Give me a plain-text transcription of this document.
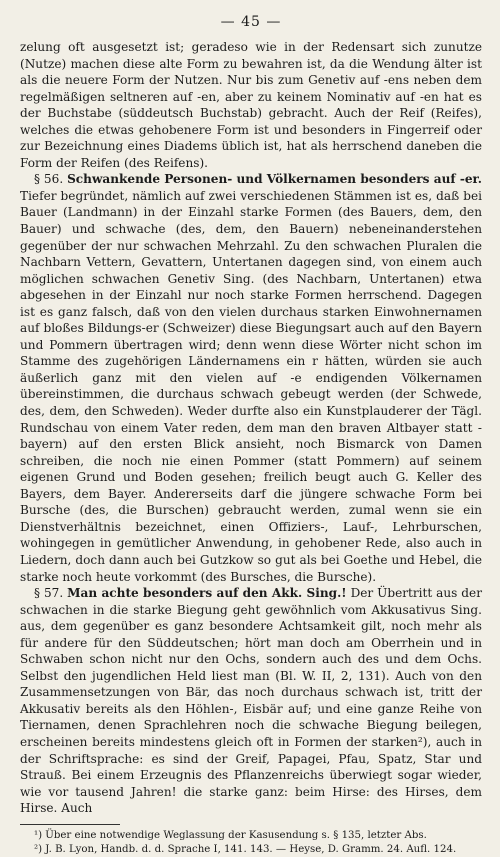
— 45 —

zelung oft ausgesetzt ist; geradeso wie in der Redensart sich zunutze (Nutze) machen diese alte Form zu bewahren ist, da die Wendung älter ist als die neuere Form der Nutzen. Nur bis zum Genetiv auf -ens neben dem regelmäßigen seltneren auf -en, aber zu keinem Nominativ auf -en hat es der Buchstabe (süddeutsch Buchstab) gebracht. Auch der Reif (Reifes), welches die etwas gehobenere Form ist und besonders in Fingerreif oder zur Bezeichnung eines Diadems üblich ist, hat als herrschend daneben die Form der Reifen (des Reifens).

§ 56. Schwankende Personen- und Völkernamen besonders auf -er. Tiefer begründet, nämlich auf zwei verschiedenen Stämmen ist es, daß bei Bauer (Landmann) in der Einzahl starke Formen (des Bauers, dem, den Bauer) und schwache (des, dem, den Bauern) nebeneinanderstehen gegenüber der nur schwachen Mehrzahl. Zu den schwachen Pluralen die Nachbarn Vettern, Gevattern, Untertanen dagegen sind, von einem auch möglichen schwachen Genetiv Sing. (des Nachbarn, Untertanen) etwa abgesehen in der Einzahl nur noch starke Formen herrschend. Dagegen ist es ganz falsch, daß von den vielen durchaus starken Einwohnernamen auf bloßes Bildungs-er (Schweizer) diese Biegungsart auch auf den Bayern und Pommern übertragen wird; denn wenn diese Wörter nicht schon im Stamme des zugehörigen Ländernamens ein r hätten, würden sie auch äußerlich ganz mit den vielen auf -e endigenden Völkernamen übereinstimmen, die durchaus schwach gebeugt werden (der Schwede, des, dem, den Schweden). Weder durfte also ein Kunstplauderer der Tägl. Rundschau von einem Vater reden, dem man den braven Altbayer statt -bayern) auf den ersten Blick ansieht, noch Bismarck von Damen schreiben, die noch nie einen Pommer (statt Pommern) auf seinem eigenen Grund und Boden gesehen; freilich beugt auch G. Keller des Bayers, dem Bayer. Andererseits darf die jüngere schwache Form bei Bursche (des, die Burschen) gebraucht werden, zumal wenn sie ein Dienstverhältnis bezeichnet, einen Offiziers-, Lauf-, Lehrburschen, wohingegen in gemütlicher Anwendung, in gehobener Rede, also auch in Liedern, doch dann auch bei Gutzkow so gut als bei Goethe und Hebel, die starke noch heute vorkommt (des Bursches, die Bursche).

§ 57. Man achte besonders auf den Akk. Sing.! Der Übertritt aus der schwachen in die starke Biegung geht gewöhnlich vom Akkusativus Sing. aus, dem gegenüber es ganz besondere Achtsamkeit gilt, noch mehr als für andere für den Süddeutschen; hört man doch am Oberrhein und in Schwaben schon nicht nur den Ochs, sondern auch des und dem Ochs. Selbst den jugendlichen Held liest man (Bl. W. II, 2, 131). Auch von den Zusammensetzungen von Bär, das noch durchaus schwach ist, tritt der Akkusativ bereits als den Höhlen-, Eisbär auf; und eine ganze Reihe von Tiernamen, denen Sprachlehren noch die schwache Biegung beilegen, erscheinen bereits mindestens gleich oft in Formen der starken²), auch in der Schriftsprache: es sind der Greif, Papagei, Pfau, Spatz, Star und Strauß. Bei einem Erzeugnis des Pflanzenreichs überwiegt sogar wieder, wie vor tausend Jahren! die starke ganz: beim Hirse: des Hirses, dem Hirse. Auch

¹) Über eine notwendige Weglassung der Kasusendung s. § 135, letzter Abs.

²) J. B. Lyon, Handb. d. d. Sprache I, 141. 143. — Heyse, D. Gramm. 24. Aufl. 124.
